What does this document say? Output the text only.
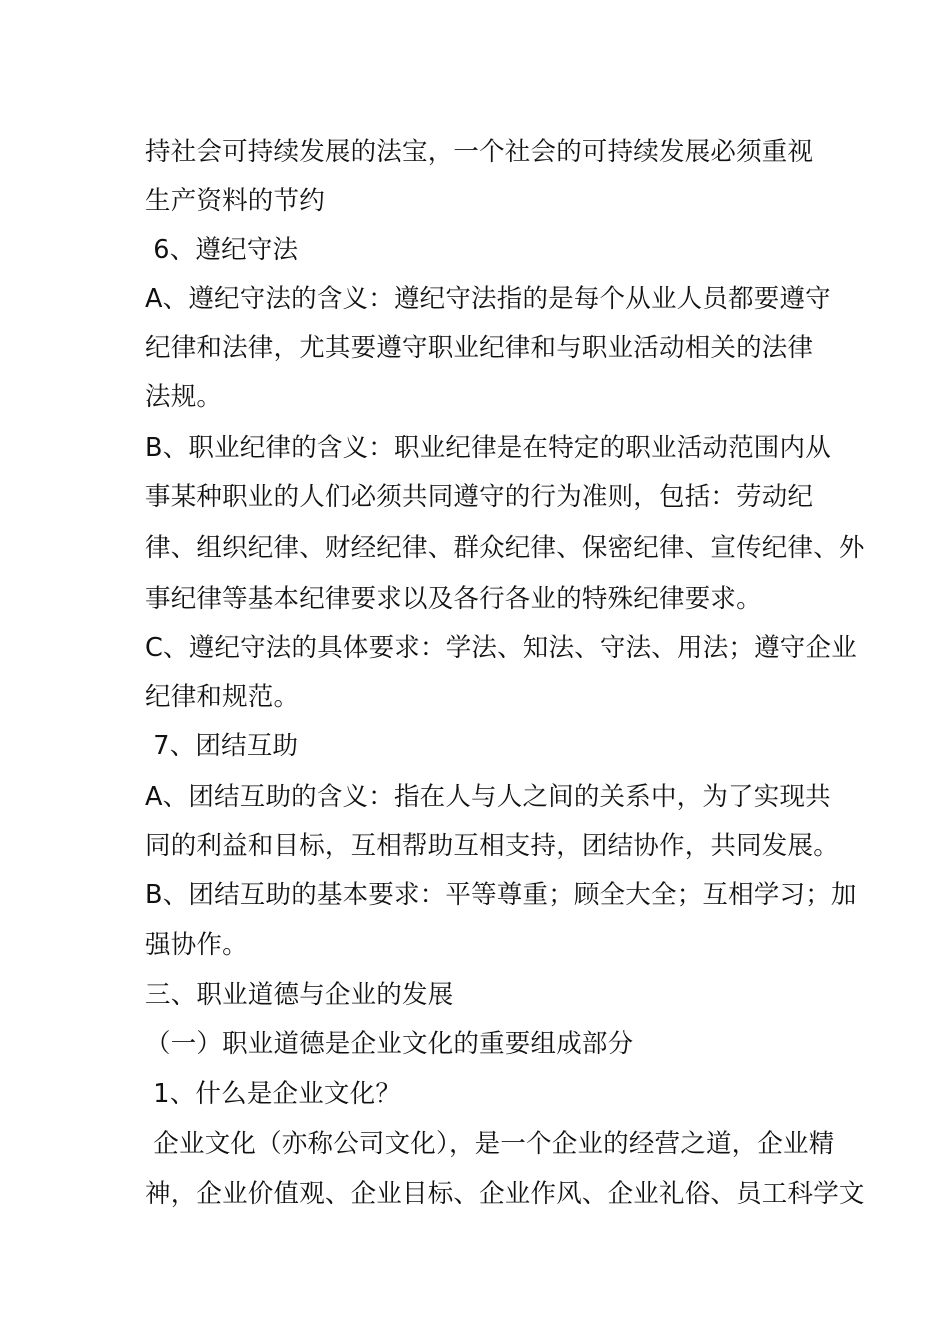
持社会可持续发展的法宝，一个社会的可持续发展必须重视
生产资料的节约
6、遵纪守法
A、遵纪守法的含义：遵纪守法指的是每个从业人员都要遵守
纪律和法律，尤其要遵守职业纪律和与职业活动相关的法律
法规。
B、职业纪律的含义：职业纪律是在特定的职业活动范围内从
事某种职业的人们必须共同遵守的行为准则，包括：劳动纪
律、组织纪律、财经纪律、群众纪律、保密纪律、宣传纪律、外
事纪律等基本纪律要求以及各行各业的特殊纪律要求。
C、遵纪守法的具体要求：学法、知法、守法、用法；遵守企业
纪律和规范。
7、团结互助
A、团结互助的含义：指在人与人之间的关系中，为了实现共
同的利益和目标，互相帮助互相支持，团结协作，共同发展。
B、团结互助的基本要求：平等尊重；顾全大全；互相学习；加
强协作。
三、职业道德与企业的发展
（一）职业道德是企业文化的重要组成部分
1、什么是企业文化？
企业文化（亦称公司文化），是一个企业的经营之道，企业精
神，企业价值观、企业目标、企业作风、企业礼俗、员工科学文
